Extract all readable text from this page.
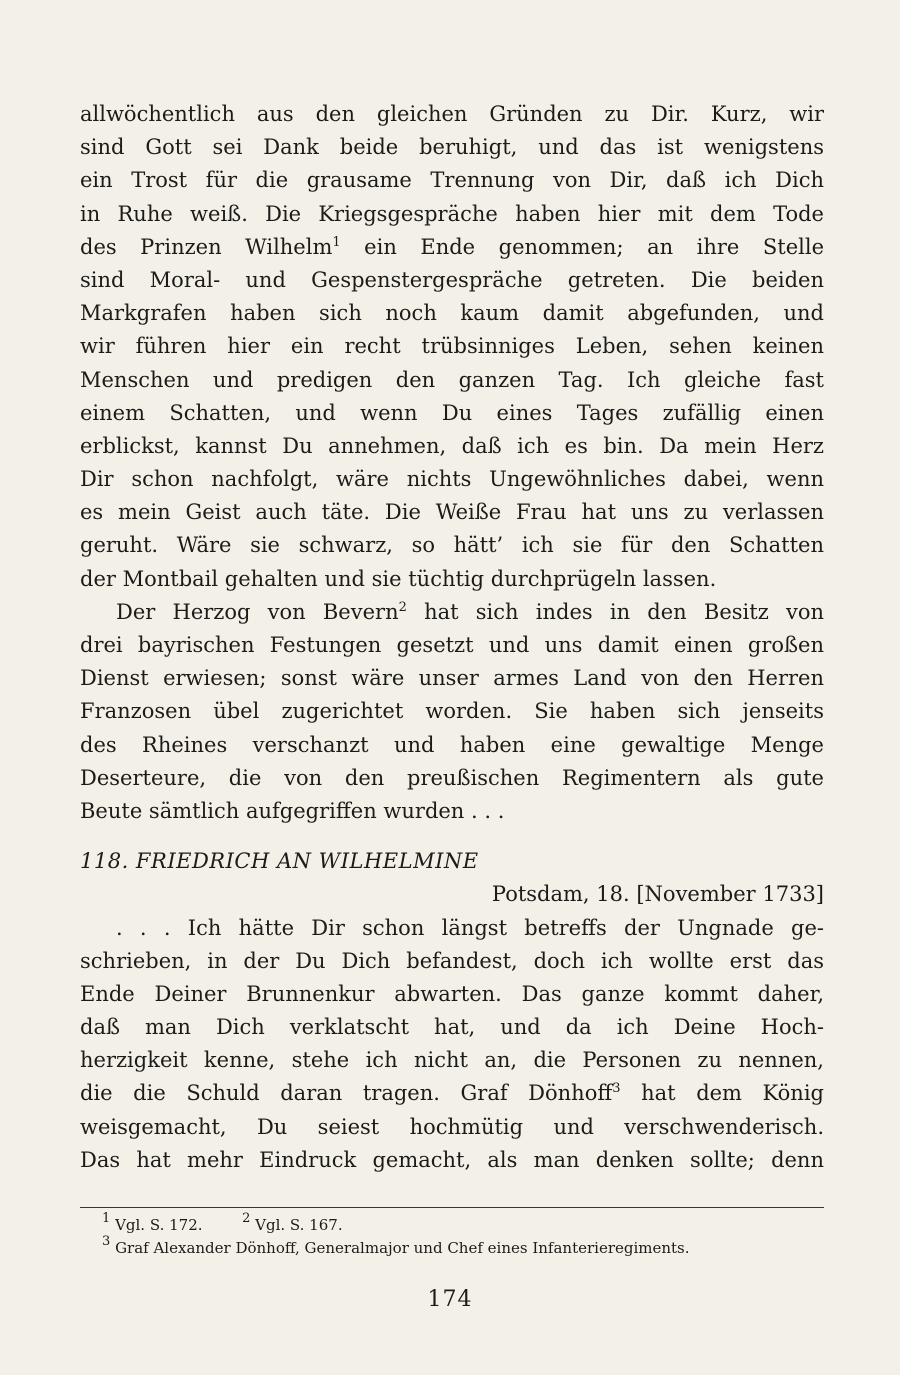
allwöchentlich aus den gleichen Gründen zu Dir. Kurz, wir
sind Gott sei Dank beide beruhigt, und das ist wenigstens
ein Trost für die grausame Trennung von Dir, daß ich Dich
in Ruhe weiß. Die Kriegsgespräche haben hier mit dem Tode
des Prinzen Wilhelm$^1$ ein Ende genommen; an ihre Stelle
sind Moral- und Gespenstergespräche getreten. Die beiden
Markgrafen haben sich noch kaum damit abgefunden, und
wir führen hier ein recht trübsinniges Leben, sehen keinen
Menschen und predigen den ganzen Tag. Ich gleiche fast
einem Schatten, und wenn Du eines Tages zufällig einen
erblickst, kannst Du annehmen, daß ich es bin. Da mein Herz
Dir schon nachfolgt, wäre nichts Ungewöhnliches dabei, wenn
es mein Geist auch täte. Die Weiße Frau hat uns zu verlassen
geruht. Wäre sie schwarz, so hätt’ ich sie für den Schatten
der Montbail gehalten und sie tüchtig durchprügeln lassen.
Der Herzog von Bevern$^2$ hat sich indes in den Besitz von
drei bayrischen Festungen gesetzt und uns damit einen großen
Dienst erwiesen; sonst wäre unser armes Land von den Herren
Franzosen übel zugerichtet worden. Sie haben sich jenseits
des Rheines verschanzt und haben eine gewaltige Menge
Deserteure, die von den preußischen Regimentern als gute
Beute sämtlich aufgegriffen wurden . . .
118. FRIEDRICH AN WILHELMINE
Potsdam, 18. [November 1733]
. . . Ich hätte Dir schon längst betreffs der Ungnade ge-
schrieben, in der Du Dich befandest, doch ich wollte erst das
Ende Deiner Brunnenkur abwarten. Das ganze kommt daher,
daß man Dich verklatscht hat, und da ich Deine Hoch-
herzigkeit kenne, stehe ich nicht an, die Personen zu nennen,
die die Schuld daran tragen. Graf Dönhoff$^3$ hat dem König
weisgemacht, Du seiest hochmütig und verschwenderisch.
Das hat mehr Eindruck gemacht, als man denken sollte; denn
$^1$ Vgl. S. 172.	$^2$ Vgl. S. 167.
$^3$ Graf Alexander Dönhoff, Generalmajor und Chef eines Infanterieregiments.
174
